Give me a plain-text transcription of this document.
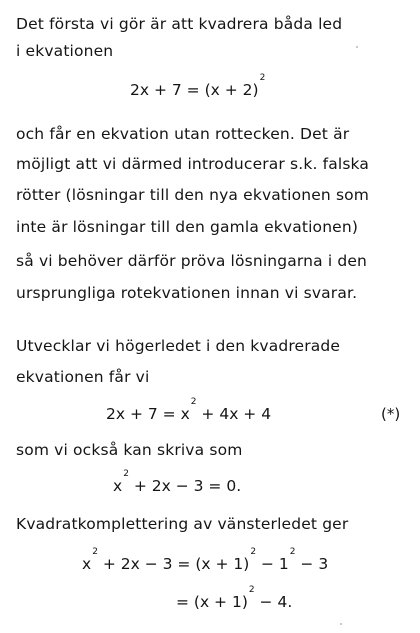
Det första vi gör är att kvadrera båda led
i ekvationen
$2x + 7 = (x + 2)^2$
och får en ekvation utan rottecken. Det är
möjligt att vi därmed introducerar s.k. falska
rötter (lösningar till den nya ekvationen som
inte är lösningar till den gamla ekvationen)
så vi behöver därför pröva lösningarna i den
ursprungliga rotekvationen innan vi svarar.
Utvecklar vi högerledet i den kvadrerade
ekvationen får vi
$2x + 7 = x^2 + 4x + 4$	(*)
som vi också kan skriva som
$x^2 + 2x - 3 = 0$.
Kvadratkomplettering av vänsterledet ger
$x^2 + 2x - 3 = (x + 1)^2 - 1^2 - 3$
= $(x + 1)^2 - 4$.
